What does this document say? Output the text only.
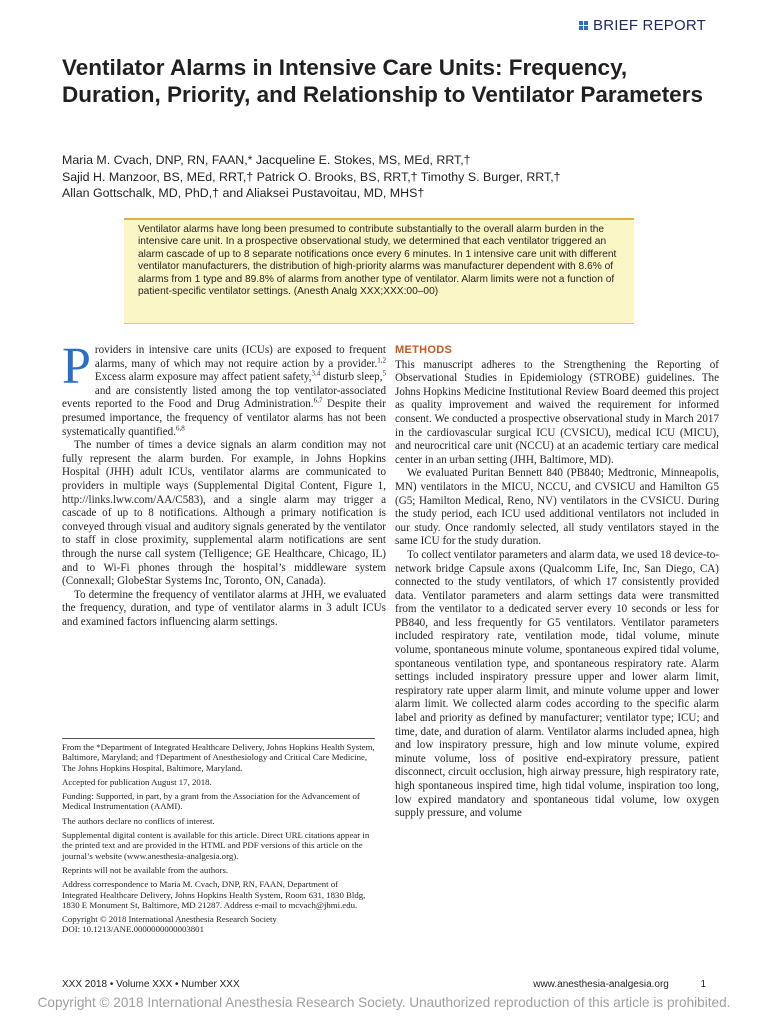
BRIEF REPORT
Ventilator Alarms in Intensive Care Units: Frequency, Duration, Priority, and Relationship to Ventilator Parameters
Maria M. Cvach, DNP, RN, FAAN,* Jacqueline E. Stokes, MS, MEd, RRT,†
Sajid H. Manzoor, BS, MEd, RRT,† Patrick O. Brooks, BS, RRT,† Timothy S. Burger, RRT,†
Allan Gottschalk, MD, PhD,† and Aliaksei Pustavoitau, MD, MHS†
Ventilator alarms have long been presumed to contribute substantially to the overall alarm burden in the intensive care unit. In a prospective observational study, we determined that each ventilator triggered an alarm cascade of up to 8 separate notifications once every 6 minutes. In 1 intensive care unit with different ventilator manufacturers, the distribution of high-priority alarms was manufacturer dependent with 8.6% of alarms from 1 type and 89.8% of alarms from another type of ventilator. Alarm limits were not a function of patient-specific ventilator settings. (Anesth Analg XXX;XXX:00–00)

Providers in intensive care units (ICUs) are exposed to frequent alarms, many of which may not require action by a provider.$^{1,2}$ Excess alarm exposure may affect patient safety,$^{3,4}$ disturb sleep,$^5$ and are consistently listed among the top ventilator-associated events reported to the Food and Drug Administration.$^{6,7}$ Despite their presumed importance, the frequency of ventilator alarms has not been systematically quantified.$^{6,8}$

The number of times a device signals an alarm condition may not fully represent the alarm burden. For example, in Johns Hopkins Hospital (JHH) adult ICUs, ventilator alarms are communicated to providers in multiple ways (Supplemental Digital Content, Figure 1, http://links.lww.com/AA/C583), and a single alarm may trigger a cascade of up to 8 notifications. Although a primary notification is conveyed through visual and auditory signals generated by the ventilator to staff in close proximity, supplemental alarm notifications are sent through the nurse call system (Telligence; GE Healthcare, Chicago, IL) and to Wi-Fi phones through the hospital’s middleware system (Connexall; GlobeStar Systems Inc, Toronto, ON, Canada).

To determine the frequency of ventilator alarms at JHH, we evaluated the frequency, duration, and type of ventilator alarms in 3 adult ICUs and examined factors influencing alarm settings.

METHODS

This manuscript adheres to the Strengthening the Reporting of Observational Studies in Epidemiology (STROBE) guidelines. The Johns Hopkins Medicine Institutional Review Board deemed this project as quality improvement and waived the requirement for informed consent. We conducted a prospective observational study in March 2017 in the cardiovascular surgical ICU (CVSICU), medical ICU (MICU), and neurocritical care unit (NCCU) at an academic tertiary care medical center in an urban setting (JHH, Baltimore, MD).

We evaluated Puritan Bennett 840 (PB840; Medtronic, Minneapolis, MN) ventilators in the MICU, NCCU, and CVSICU and Hamilton G5 (G5; Hamilton Medical, Reno, NV) ventilators in the CVSICU. During the study period, each ICU used additional ventilators not included in our study. Once randomly selected, all study ventilators stayed in the same ICU for the study duration.

To collect ventilator parameters and alarm data, we used 18 device-to-network bridge Capsule axons (Qualcomm Life, Inc, San Diego, CA) connected to the study ventilators, of which 17 consistently provided data. Ventilator parameters and alarm settings data were transmitted from the ventilator to a dedicated server every 10 seconds or less for PB840, and less frequently for G5 ventilators. Ventilator parameters included respiratory rate, ventilation mode, tidal volume, minute volume, spontaneous minute volume, spontaneous expired tidal volume, spontaneous ventilation type, and spontaneous respiratory rate. Alarm settings included inspiratory pressure upper and lower alarm limit, respiratory rate upper alarm limit, and minute volume upper and lower alarm limit. We collected alarm codes according to the specific alarm label and priority as defined by manufacturer; ventilator type; ICU; and time, date, and duration of alarm. Ventilator alarms included apnea, high and low inspiratory pressure, high and low minute volume, expired minute volume, loss of positive end-expiratory pressure, patient disconnect, circuit occlusion, high airway pressure, high respiratory rate, high spontaneous inspired time, high tidal volume, inspiration too long, low expired mandatory and spontaneous tidal volume, low oxygen supply pressure, and volume

From the *Department of Integrated Healthcare Delivery, Johns Hopkins Health System, Baltimore, Maryland; and †Department of Anesthesiology and Critical Care Medicine, The Johns Hopkins Hospital, Baltimore, Maryland.

Accepted for publication August 17, 2018.

Funding: Supported, in part, by a grant from the Association for the Advancement of Medical Instrumentation (AAMI).

The authors declare no conflicts of interest.

Supplemental digital content is available for this article. Direct URL citations appear in the printed text and are provided in the HTML and PDF versions of this article on the journal’s website (www.anesthesia-analgesia.org).

Reprints will not be available from the authors.

Address correspondence to Maria M. Cvach, DNP, RN, FAAN, Department of Integrated Healthcare Delivery, Johns Hopkins Health System, Room 631, 1830 Bldg, 1830 E Monument St, Baltimore, MD 21287. Address e-mail to mcvach@jhmi.edu.

Copyright © 2018 International Anesthesia Research Society

DOI: 10.1213/ANE.0000000000003801

XXX 2018 • Volume XXX • Number XXX	www.anesthesia-analgesia.org	1
Copyright © 2018 International Anesthesia Research Society. Unauthorized reproduction of this article is prohibited.
